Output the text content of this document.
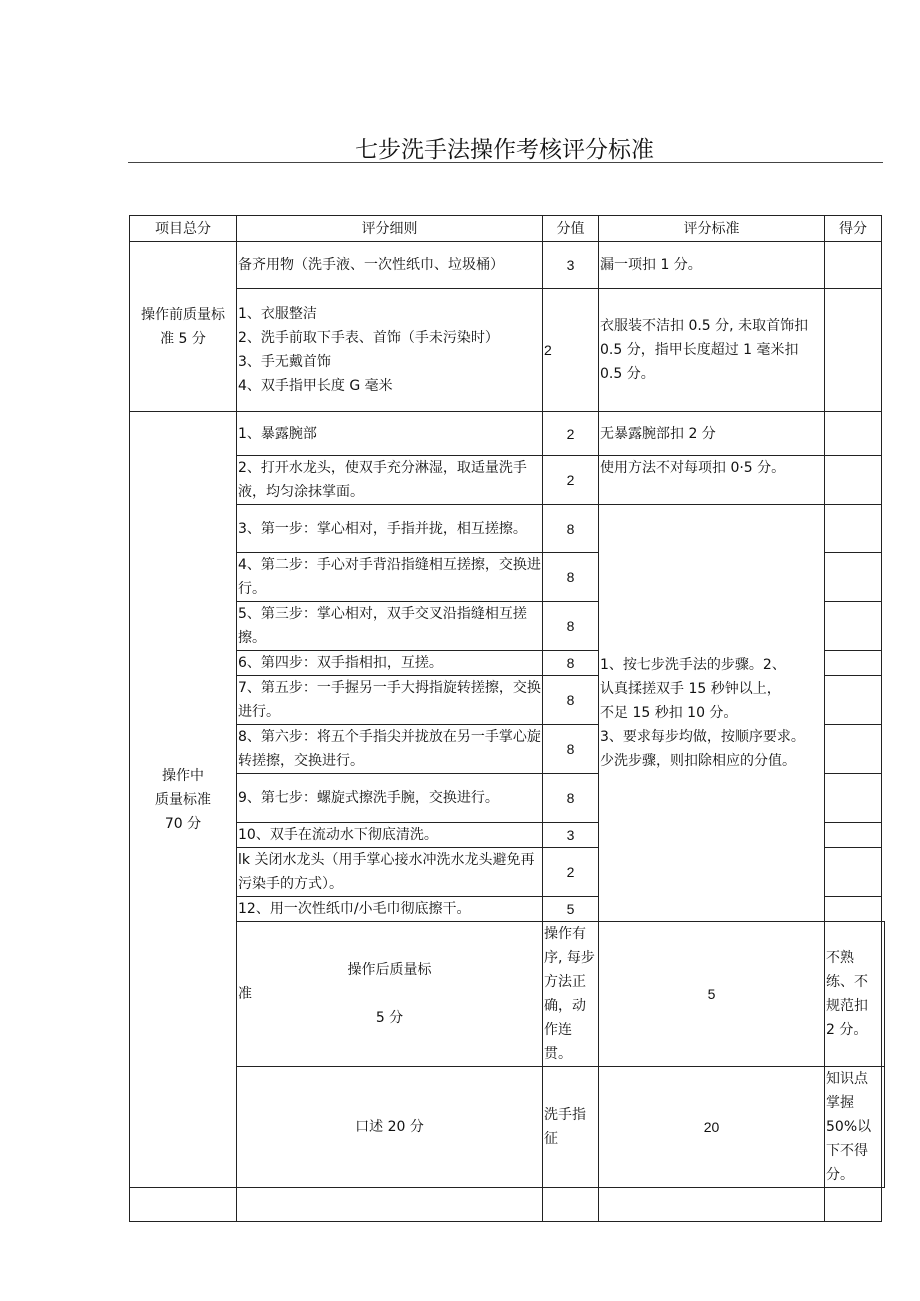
七步洗手法操作考核评分标准
项目总分	评分细则	分值	评分标准	得分	

操作前质量标
准 5 分	备齐用物（洗手液、一次性纸巾、垃圾桶）	3	漏一项扣 1 分。		

	1、衣服整洁
2、洗手前取下手表、首饰（手未污染时）
3、手无戴首饰
4、双手指甲长度 G 毫米	2	衣服装不洁扣 0.5 分, 未取首饰扣 0.5 分，指甲长度超过 1 毫米扣 0.5 分。		

操作中
质量标准
70 分	1、暴露腕部	2	无暴露腕部扣 2 分		
	2、打开水龙头，使双手充分淋湿，取适量洗手液，均匀涂抹掌面。	2	使用方法不对每项扣 0·5 分。		
	3、第一步：掌心相对，手指并拢，相互搓擦。	8	1、按七步洗手法的步骤。2、
认真揉搓双手 15 秒钟以上，
不足 15 秒扣 10 分。
3、要求每步均做，按顺序要求。
少洗步骤，则扣除相应的分值。		

	4、第二步：手心对手背沿指缝相互搓擦，交换进行。	8			
	5、第三步：掌心相对，双手交叉沿指缝相互搓擦。	8			
	6、第四步：双手指相扣，互搓。	8			
	7、第五步：一手握另一手大拇指旋转搓擦，交换进行。	8			
	8、第六步：将五个手指尖并拢放在另一手掌心旋转搓擦，交换进行。	8			
	9、第七步：螺旋式擦洗手腕，交换进行。	8			
	10、双手在流动水下彻底清洗。	3			
	lk 关闭水龙头（用手掌心接水冲洗水龙头避免再污染手的方式）。	2			
	12、用一次性纸巾/小毛巾彻底擦干。	5			

	操作后质量标
准
5 分	操作有序, 每步方法正确，动作连贯。	5	不熟练、不规范扣 2 分。	
	口述 20 分	洗手指征	20	知识点掌握 50%以下不得分。	
